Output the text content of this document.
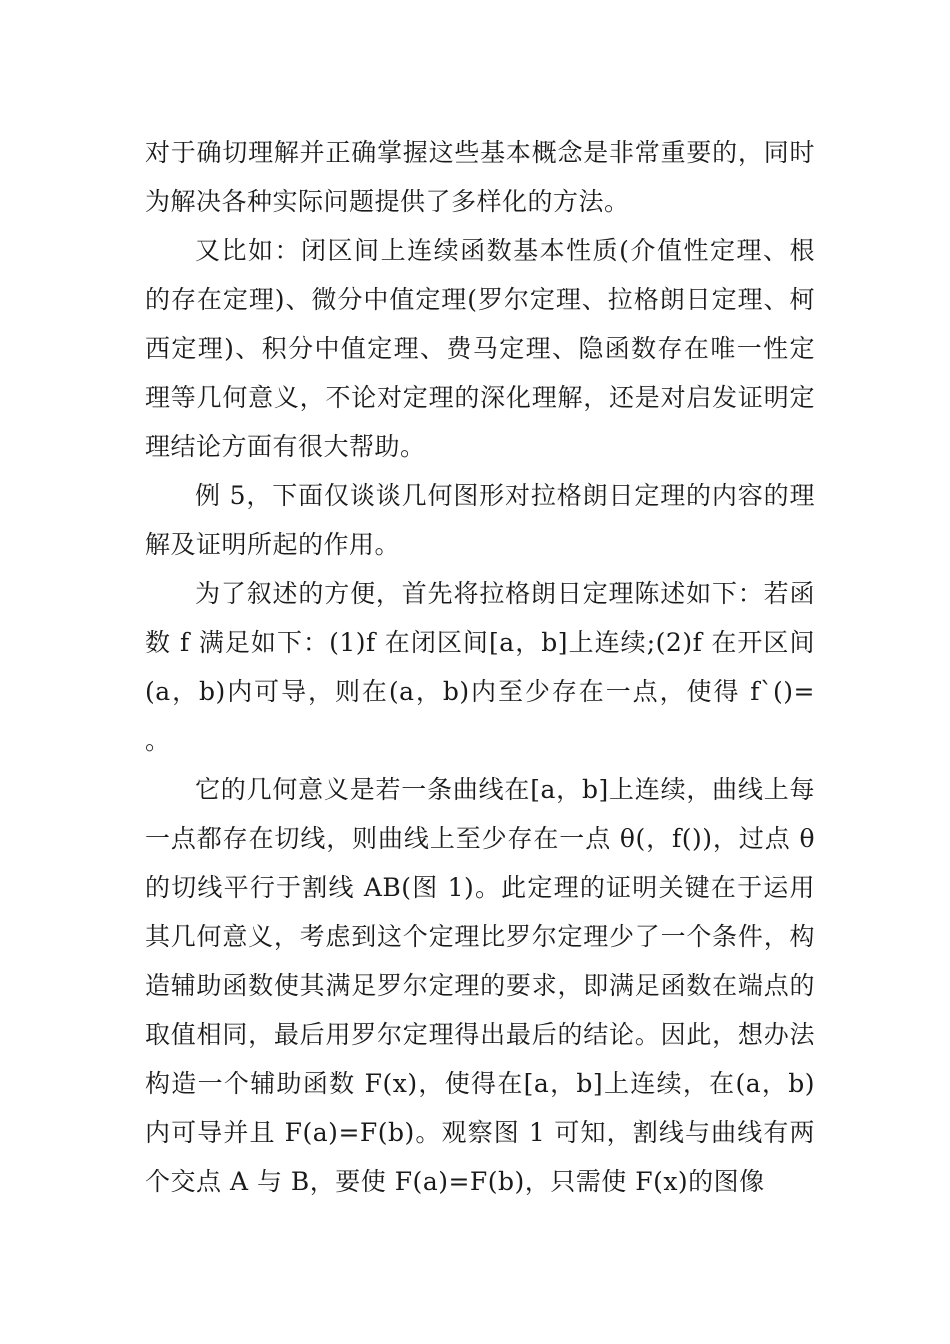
对于确切理解并正确掌握这些基本概念是非常重要的，同时为解决各种实际问题提供了多样化的方法。

又比如：闭区间上连续函数基本性质(介值性定理、根的存在定理)、微分中值定理(罗尔定理、拉格朗日定理、柯西定理)、积分中值定理、费马定理、隐函数存在唯一性定理等几何意义，不论对定理的深化理解，还是对启发证明定理结论方面有很大帮助。

例 5，下面仅谈谈几何图形对拉格朗日定理的内容的理解及证明所起的作用。

为了叙述的方便，首先将拉格朗日定理陈述如下：若函数 f 满足如下：(1)f 在闭区间[a，b]上连续;(2)f 在开区间(a，b)内可导，则在(a，b)内至少存在一点，使得 f`()= 。

它的几何意义是若一条曲线在[a，b]上连续，曲线上每一点都存在切线，则曲线上至少存在一点 θ(，f())，过点 θ 的切线平行于割线 AB(图 1)。此定理的证明关键在于运用其几何意义，考虑到这个定理比罗尔定理少了一个条件，构造辅助函数使其满足罗尔定理的要求，即满足函数在端点的取值相同，最后用罗尔定理得出最后的结论。因此，想办法构造一个辅助函数 F(x)，使得在[a，b]上连续，在(a，b)内可导并且 F(a)=F(b)。观察图 1 可知，割线与曲线有两个交点 A 与 B，要使 F(a)=F(b)，只需使 F(x)的图像
